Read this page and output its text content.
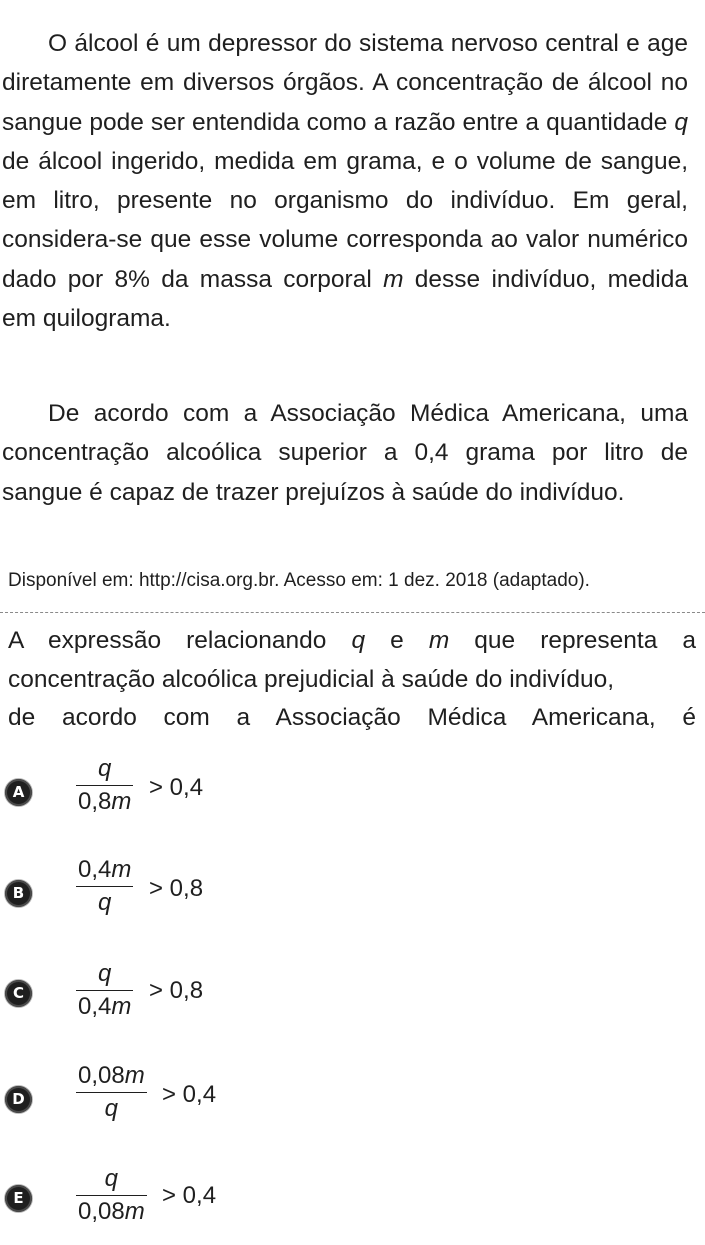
O álcool é um depressor do sistema nervoso central e age diretamente em diversos órgãos. A concentração de álcool no sangue pode ser entendida como a razão entre a quantidade q de álcool ingerido, medida em grama, e o volume de sangue, em litro, presente no organismo do indivíduo. Em geral, considera-se que esse volume corresponda ao valor numérico dado por 8% da massa corporal m desse indivíduo, medida em quilograma.

De acordo com a Associação Médica Americana, uma concentração alcoólica superior a 0,4 grama por litro de sangue é capaz de trazer prejuízos à saúde do indivíduo.

Disponível em: http://cisa.org.br. Acesso em: 1 dez. 2018 (adaptado).

A expressão relacionando q e m que representa a concentração alcoólica prejudicial à saúde do indivíduo,
de acordo com a Associação Médica Americana, é

A
q
0,8m
> 0,4
B
0,4m
q
> 0,8
C
q
0,4m
> 0,8
D
0,08m
q
> 0,4
E
q
0,08m
> 0,4
